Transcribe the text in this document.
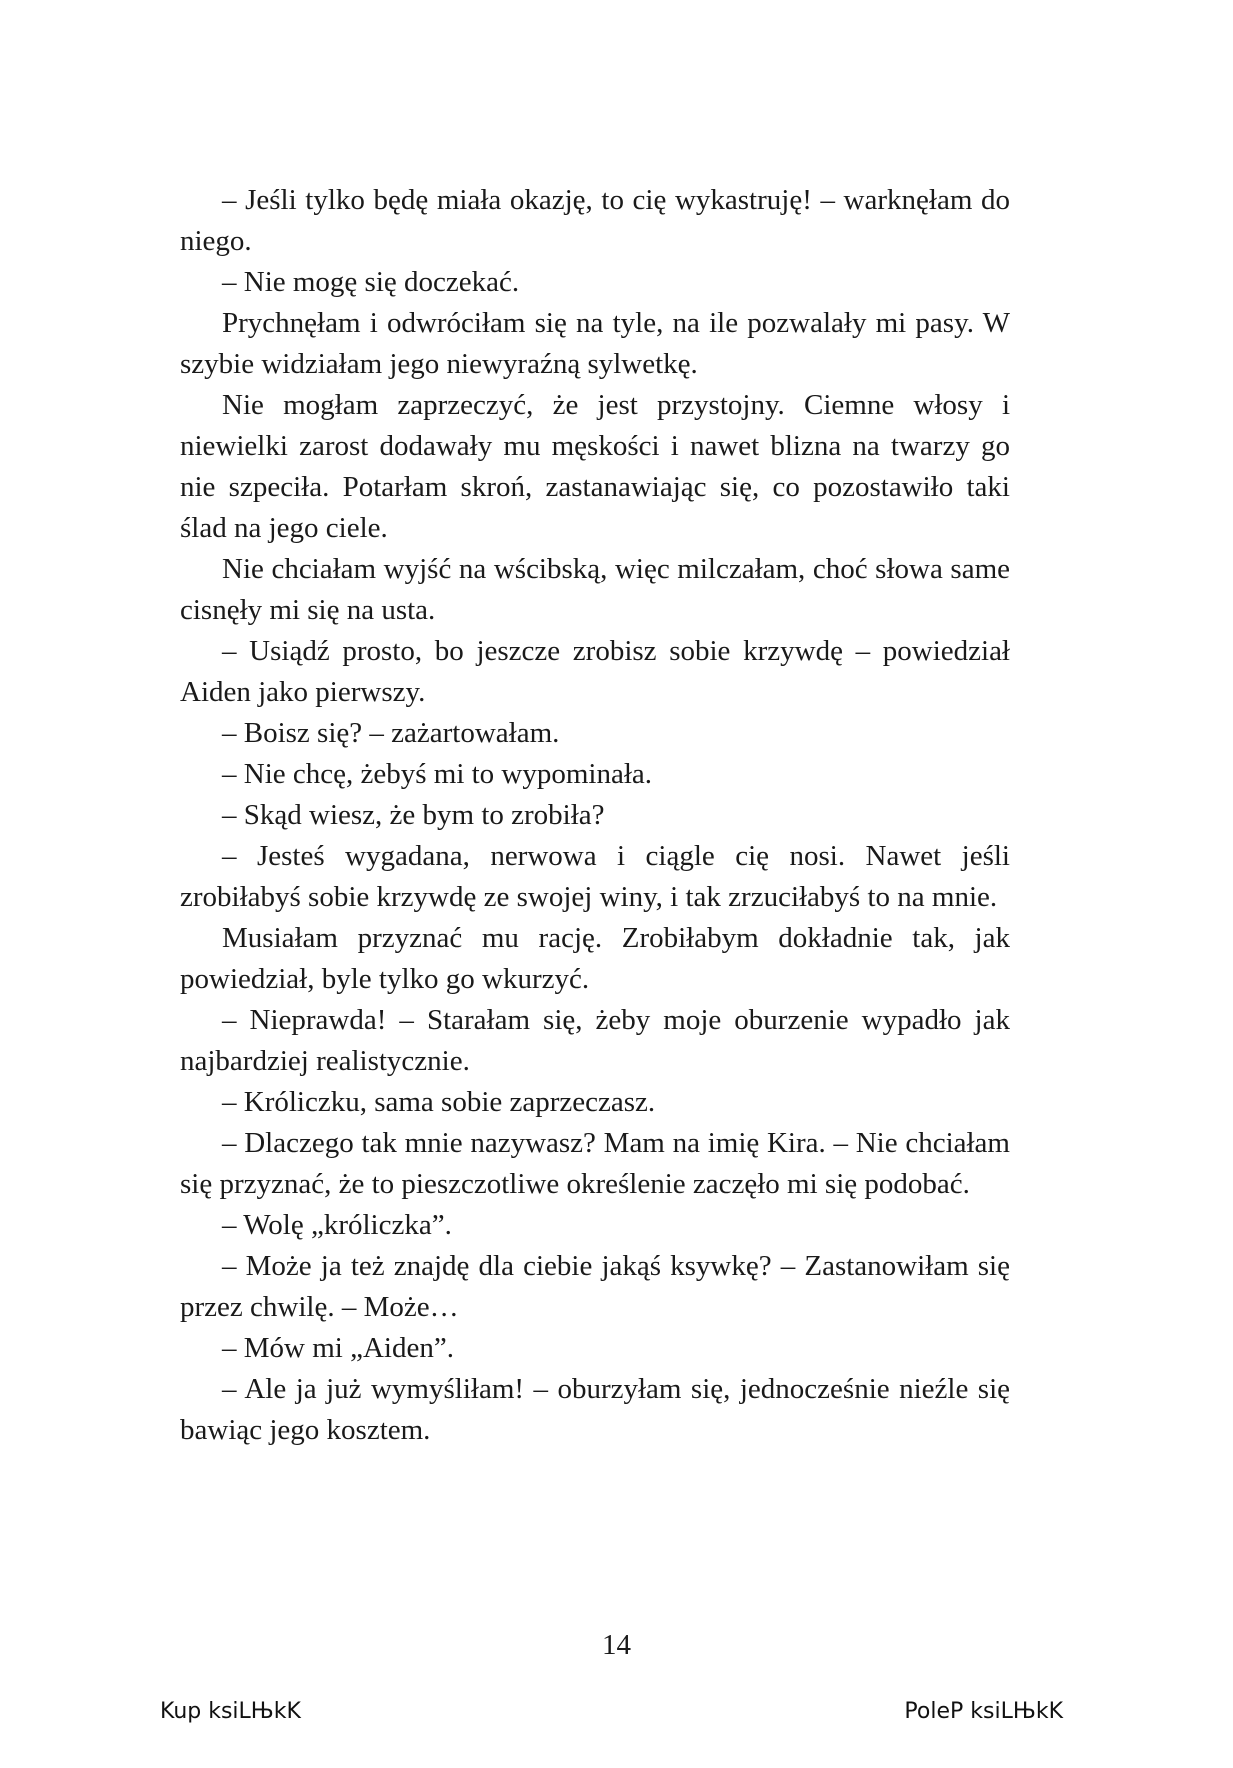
– Jeśli tylko będę miała okazję, to cię wykastruję! – warknęłam do niego.

– Nie mogę się doczekać.

Prychnęłam i odwróciłam się na tyle, na ile pozwalały mi pasy. W szybie widziałam jego niewyraźną sylwetkę.

Nie mogłam zaprzeczyć, że jest przystojny. Ciemne włosy i niewielki zarost dodawały mu męskości i nawet blizna na twarzy go nie szpeciła. Potarłam skroń, zastanawiając się, co pozostawiło taki ślad na jego ciele.

Nie chciałam wyjść na wścibską, więc milczałam, choć słowa same cisnęły mi się na usta.

– Usiądź prosto, bo jeszcze zrobisz sobie krzywdę – powiedział Aiden jako pierwszy.

– Boisz się? – zażartowałam.

– Nie chcę, żebyś mi to wypominała.

– Skąd wiesz, że bym to zrobiła?

– Jesteś wygadana, nerwowa i ciągle cię nosi. Nawet jeśli zrobiłabyś sobie krzywdę ze swojej winy, i tak zrzuciłabyś to na mnie.

Musiałam przyznać mu rację. Zrobiłabym dokładnie tak, jak powiedział, byle tylko go wkurzyć.

– Nieprawda! – Starałam się, żeby moje oburzenie wypadło jak najbardziej realistycznie.

– Króliczku, sama sobie zaprzeczasz.

– Dlaczego tak mnie nazywasz? Mam na imię Kira. – Nie chciałam się przyznać, że to pieszczotliwe określenie zaczęło mi się podobać.

– Wolę „króliczka”.

– Może ja też znajdę dla ciebie jakąś ksywkę? – Zastanowiłam się przez chwilę. – Może…

– Mów mi „Aiden”.

– Ale ja już wymyśliłam! – oburzyłam się, jednocześnie nieźle się bawiąc jego kosztem.

14
Kup ksiLЊkK	PoleP ksiLЊkK
